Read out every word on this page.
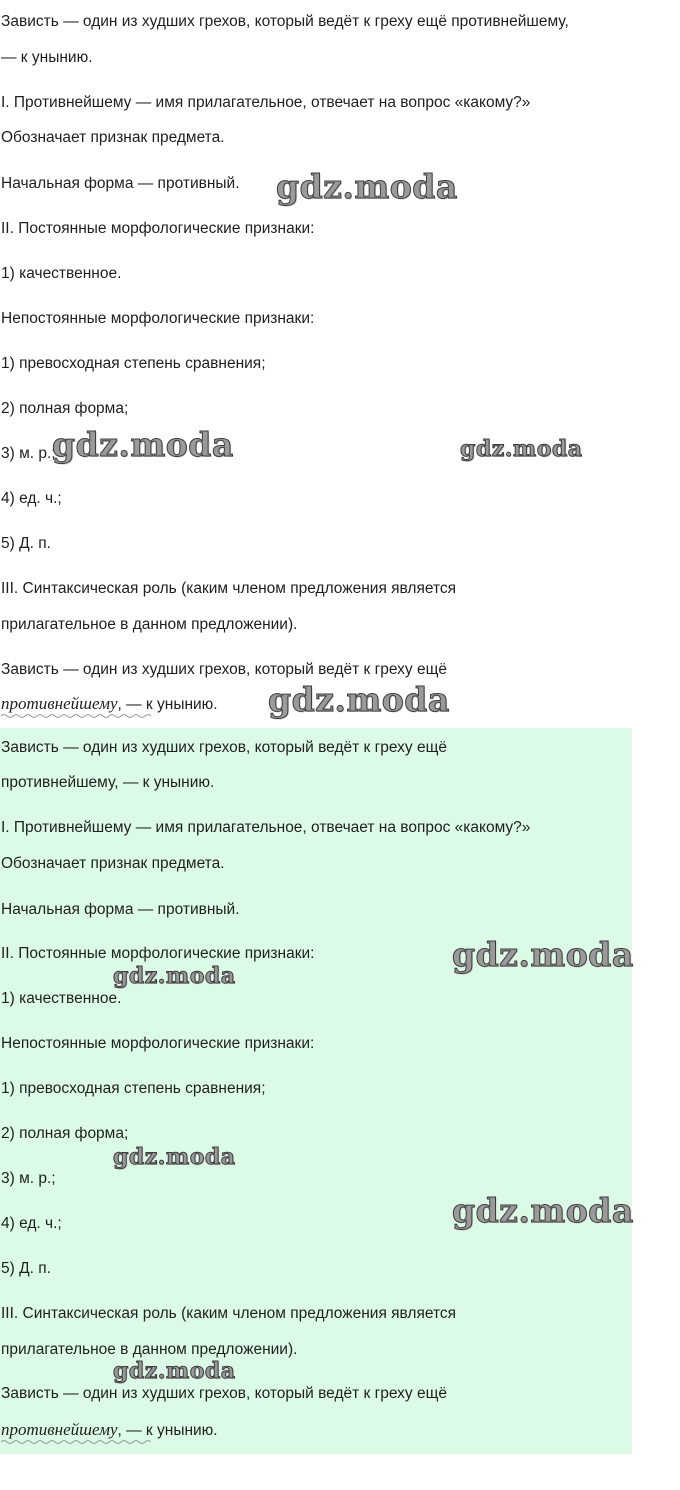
Зависть — один из худших грехов, который ведёт к греху ещё противнейшему,
— к унынию.
I. Противнейшему — имя прилагательное, отвечает на вопрос «какому?»
Обозначает признак предмета.
Начальная форма — противный.
II. Постоянные морфологические признаки:
1) качественное.
Непостоянные морфологические признаки:
1) превосходная степень сравнения;
2) полная форма;
3) м. р.;
4) ед. ч.;
5) Д. п.
III. Синтаксическая роль (каким членом предложения является
прилагательное в данном предложении).
Зависть — один из худших грехов, который ведёт к греху ещё
противнейшему
, — к унынию.
Зависть — один из худших грехов, который ведёт к греху ещё
противнейшему, — к унынию.
I. Противнейшему — имя прилагательное, отвечает на вопрос «какому?»
Обозначает признак предмета.
Начальная форма — противный.
II. Постоянные морфологические признаки:
1) качественное.
Непостоянные морфологические признаки:
1) превосходная степень сравнения;
2) полная форма;
3) м. р.;
4) ед. ч.;
5) Д. п.
III. Синтаксическая роль (каким членом предложения является
прилагательное в данном предложении).
Зависть — один из худших грехов, который ведёт к греху ещё
противнейшему
, — к унынию.
gdz.moda
gdz.moda	gdz.moda
gdz.moda
gdz.moda
gdz.moda
gdz.moda
gdz.moda
gdz.moda
